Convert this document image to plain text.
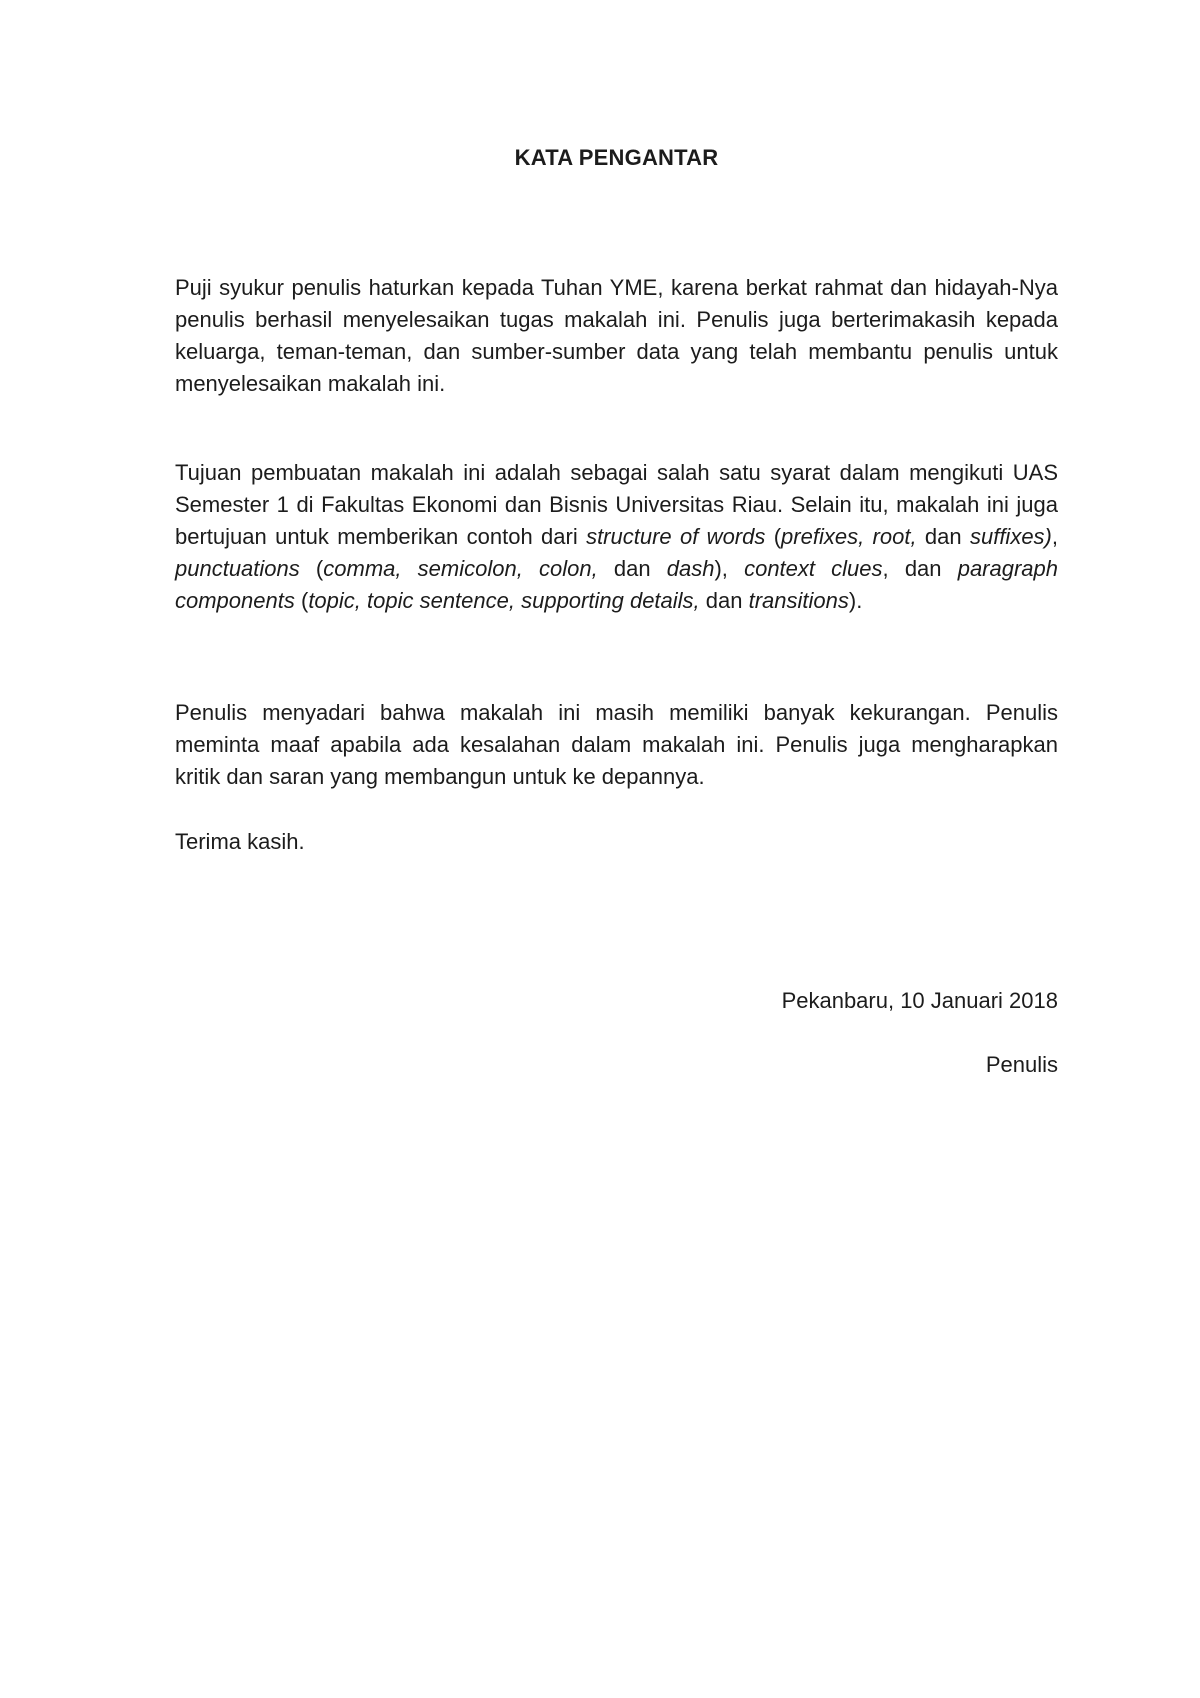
KATA PENGANTAR

Puji syukur penulis haturkan kepada Tuhan YME, karena berkat rahmat dan hidayah-Nya penulis berhasil menyelesaikan tugas makalah ini. Penulis juga berterimakasih kepada keluarga, teman-teman, dan sumber-sumber data yang telah membantu penulis untuk menyelesaikan makalah ini.

Tujuan pembuatan makalah ini adalah sebagai salah satu syarat dalam mengikuti UAS Semester 1 di Fakultas Ekonomi dan Bisnis Universitas Riau. Selain itu, makalah ini juga bertujuan untuk memberikan contoh dari structure of words (prefixes, root, dan suffixes), punctuations (comma, semicolon, colon, dan dash), context clues, dan paragraph components (topic, topic sentence, supporting details, dan transitions).

Penulis menyadari bahwa makalah ini masih memiliki banyak kekurangan. Penulis meminta maaf apabila ada kesalahan dalam makalah ini. Penulis juga mengharapkan kritik dan saran yang membangun untuk ke depannya.

Terima kasih.

Pekanbaru, 10 Januari 2018

Penulis
